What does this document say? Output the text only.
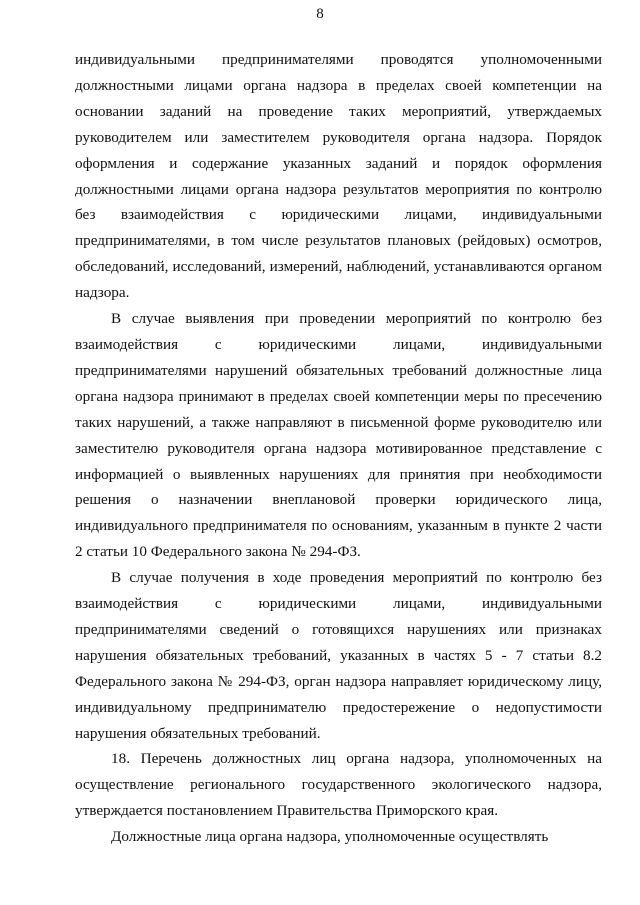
8

индивидуальными предпринимателями проводятся уполномоченными должностными лицами органа надзора в пределах своей компетенции на основании заданий на проведение таких мероприятий, утверждаемых руководителем или заместителем руководителя органа надзора. Порядок оформления и содержание указанных заданий и порядок оформления должностными лицами органа надзора результатов мероприятия по контролю без взаимодействия с юридическими лицами, индивидуальными предпринимателями, в том числе результатов плановых (рейдовых) осмотров, обследований, исследований, измерений, наблюдений, устанавливаются органом надзора.

В случае выявления при проведении мероприятий по контролю без взаимодействия с юридическими лицами, индивидуальными предпринимателями нарушений обязательных требований должностные лица органа надзора принимают в пределах своей компетенции меры по пресечению таких нарушений, а также направляют в письменной форме руководителю или заместителю руководителя органа надзора мотивированное представление с информацией о выявленных нарушениях для принятия при необходимости решения о назначении внеплановой проверки юридического лица, индивидуального предпринимателя по основаниям, указанным в пункте 2 части 2 статьи 10 Федерального закона № 294-ФЗ.

В случае получения в ходе проведения мероприятий по контролю без взаимодействия с юридическими лицами, индивидуальными предпринимателями сведений о готовящихся нарушениях или признаках нарушения обязательных требований, указанных в частях 5 - 7 статьи 8.2 Федерального закона № 294-ФЗ, орган надзора направляет юридическому лицу, индивидуальному предпринимателю предостережение о недопустимости нарушения обязательных требований.

18. Перечень должностных лиц органа надзора, уполномоченных на осуществление регионального государственного экологического надзора, утверждается постановлением Правительства Приморского края.

Должностные лица органа надзора, уполномоченные осуществлять
